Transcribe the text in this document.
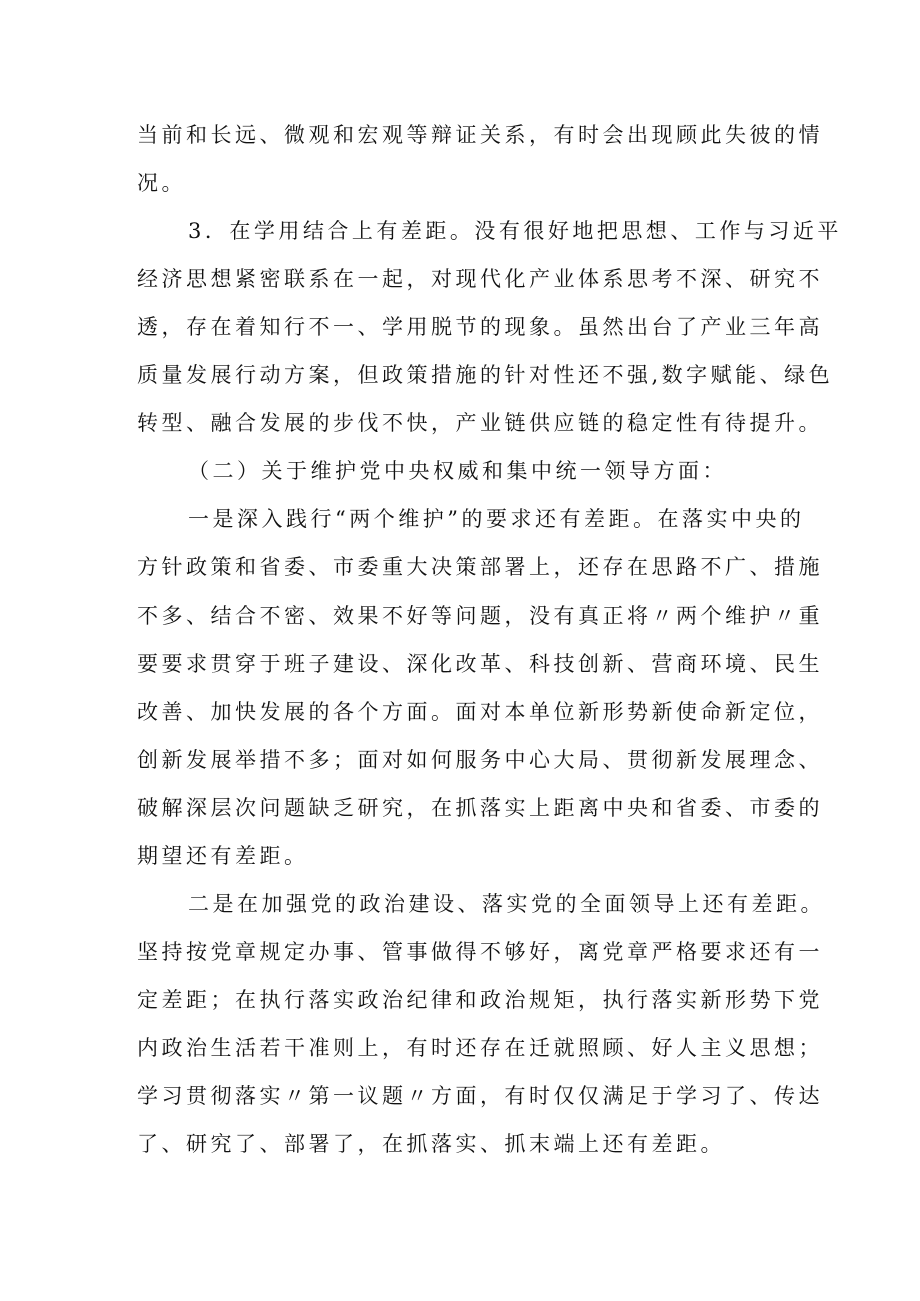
当前和长远、微观和宏观等辩证关系，有时会出现顾此失彼的情
况。
3．在学用结合上有差距。没有很好地把思想、工作与习近平
经济思想紧密联系在一起，对现代化产业体系思考不深、研究不
透，存在着知行不一、学用脱节的现象。虽然出台了产业三年高
质量发展行动方案，但政策措施的针对性还不强,数字赋能、绿色
转型、融合发展的步伐不快，产业链供应链的稳定性有待提升。
（二）关于维护党中央权威和集中统一领导方面：
一是深入践行“两个维护”的要求还有差距。在落实中央的
方针政策和省委、市委重大决策部署上，还存在思路不广、措施
不多、结合不密、效果不好等问题，没有真正将〃两个维护〃重
要要求贯穿于班子建设、深化改革、科技创新、营商环境、民生
改善、加快发展的各个方面。面对本单位新形势新使命新定位，
创新发展举措不多；面对如何服务中心大局、贯彻新发展理念、
破解深层次问题缺乏研究，在抓落实上距离中央和省委、市委的
期望还有差距。
二是在加强党的政治建设、落实党的全面领导上还有差距。
坚持按党章规定办事、管事做得不够好，离党章严格要求还有一
定差距；在执行落实政治纪律和政治规矩，执行落实新形势下党
内政治生活若干准则上，有时还存在迁就照顾、好人主义思想；
学习贯彻落实〃第一议题〃方面，有时仅仅满足于学习了、传达
了、研究了、部署了，在抓落实、抓末端上还有差距。
